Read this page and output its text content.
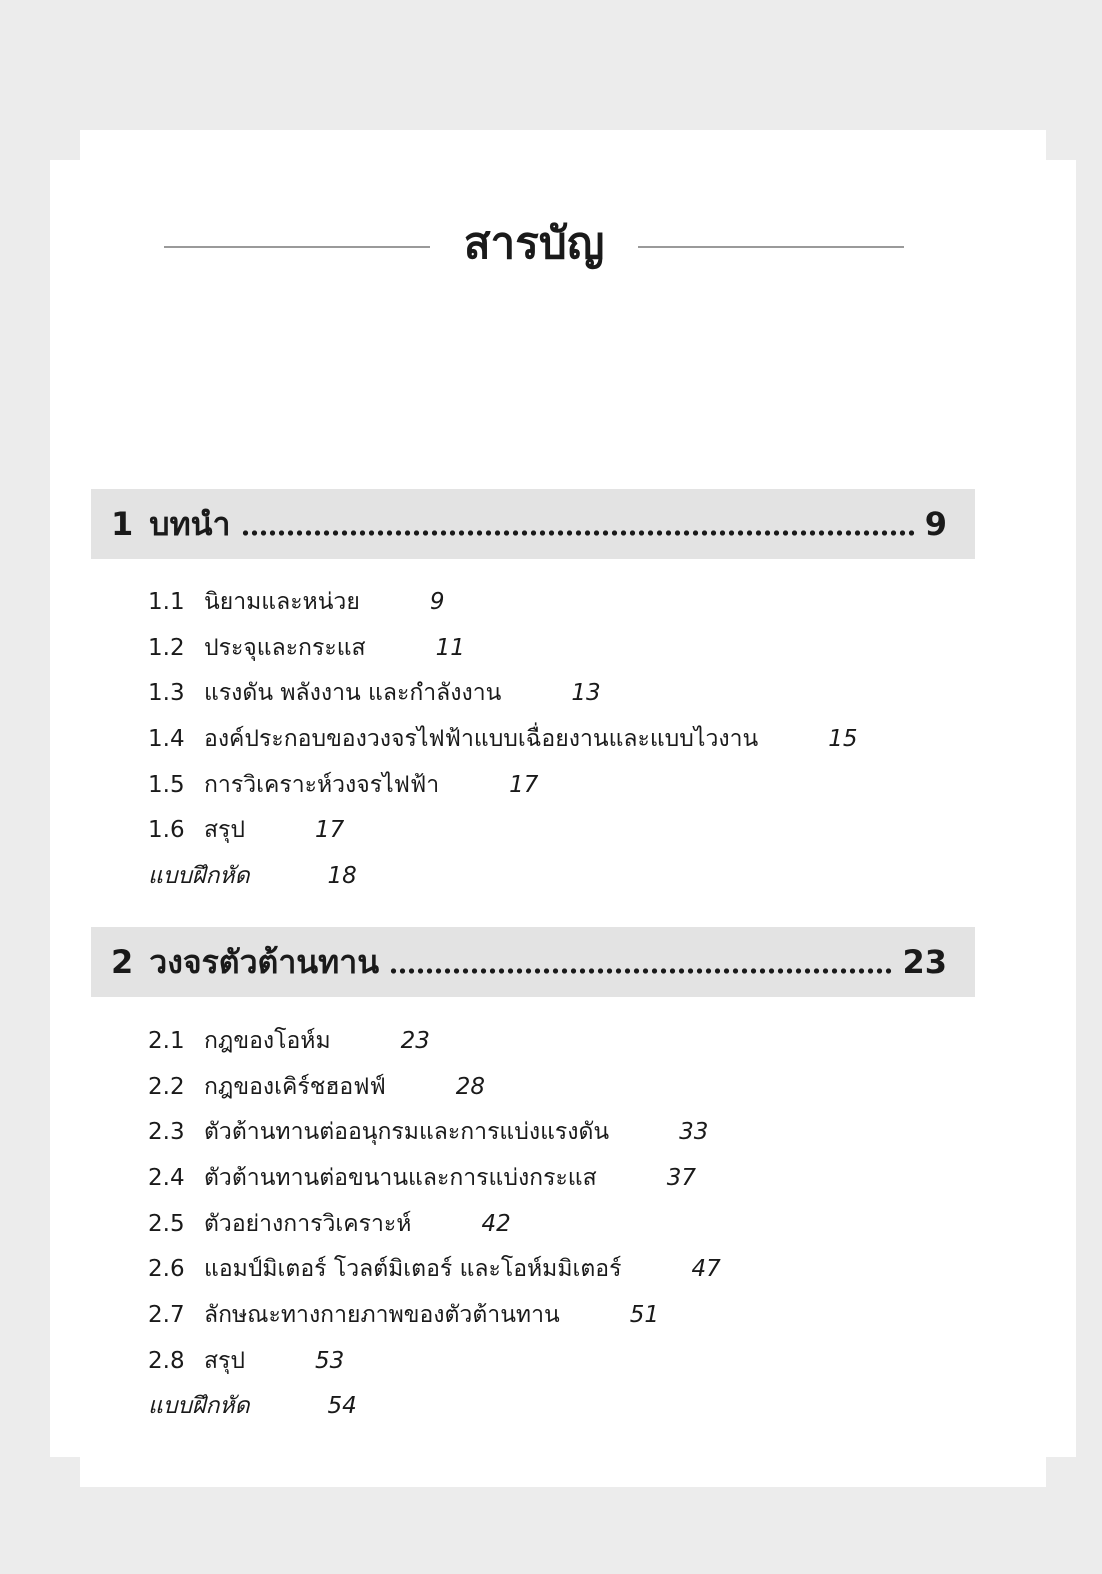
สารบัญ
1 บทนำ	9
1.1 นิยามและหน่วย	9
1.2 ประจุและกระแส	11
1.3 แรงดัน พลังงาน และกำลังงาน	13
1.4 องค์ประกอบของวงจรไฟฟ้าแบบเฉื่อยงานและแบบไวงาน	15
1.5 การวิเคราะห์วงจรไฟฟ้า	17
1.6 สรุป	17
แบบฝึกหัด	18
2 วงจรตัวต้านทาน	23
2.1 กฎของโอห์ม	23
2.2 กฎของเคิร์ชฮอฟฟ์	28
2.3 ตัวต้านทานต่ออนุกรมและการแบ่งแรงดัน	33
2.4 ตัวต้านทานต่อขนานและการแบ่งกระแส	37
2.5 ตัวอย่างการวิเคราะห์	42
2.6 แอมป์มิเตอร์ โวลต์มิเตอร์ และโอห์มมิเตอร์	47
2.7 ลักษณะทางกายภาพของตัวต้านทาน	51
2.8 สรุป	53
แบบฝึกหัด	54
